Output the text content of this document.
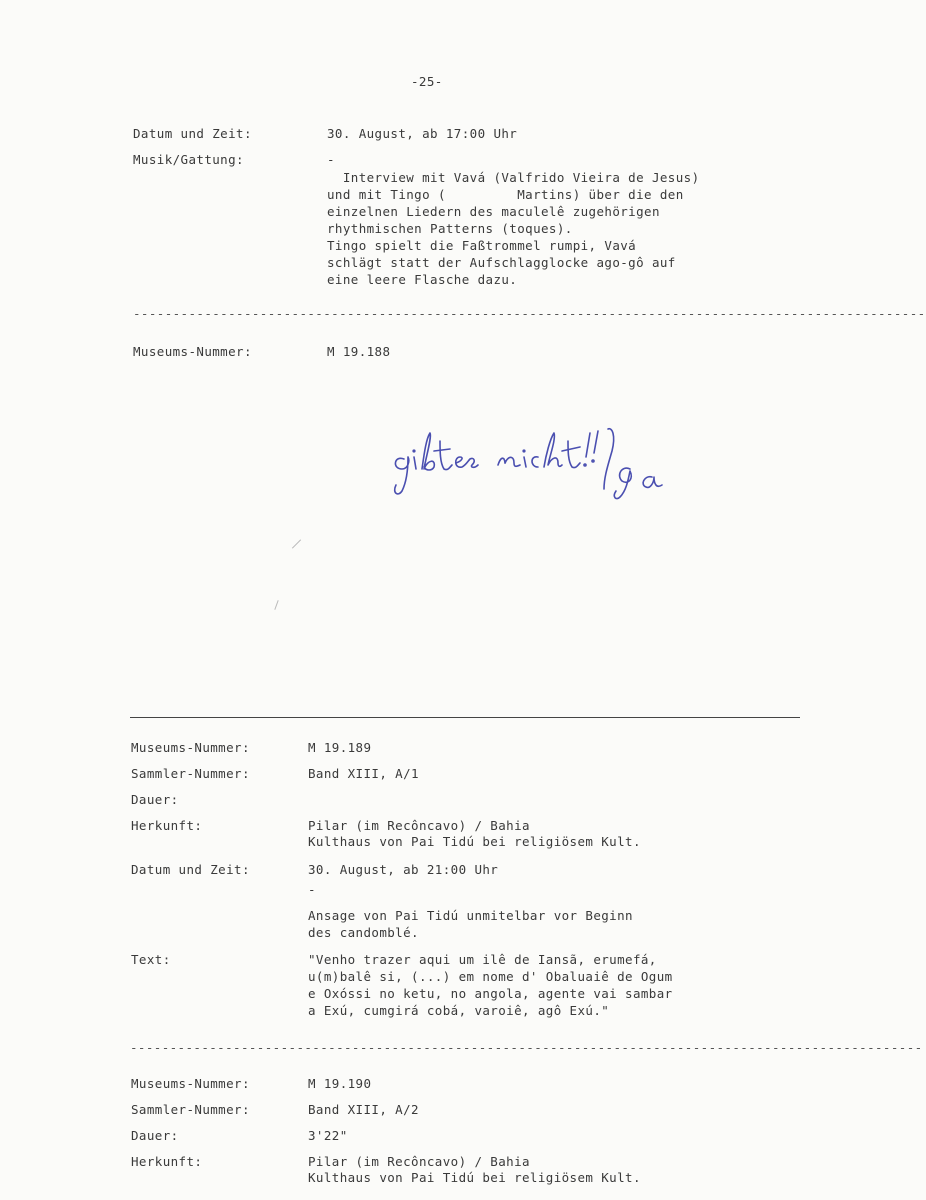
-25-
Datum und Zeit:	30. August, ab 17:00 Uhr
Musik/Gattung:	-
Interview mit Vavá (Valfrido Vieira de Jesus)
und mit Tingo (         Martins) über die den
einzelnen Liedern des maculelê zugehörigen
rhythmischen Patterns (toques).
Tingo spielt die Faßtrommel rumpi, Vavá
schlägt statt der Aufschlagglocke ago-gô auf
eine leere Flasche dazu.
----------------------------------------------------------------------------------------------------
Museums-Nummer:	M 19.188
Museums-Nummer:	M 19.189
Sammler-Nummer:	Band XIII, A/1
Dauer:
Herkunft:	Pilar (im Recôncavo) / Bahia
Kulthaus von Pai Tidú bei religiösem Kult.
Datum und Zeit:	30. August, ab 21:00 Uhr
-
Ansage von Pai Tidú unmitelbar vor Beginn
des candomblé.
Text:	"Venho trazer aqui um ilê de Iansã, erumefá,
u(m)balê si, (...) em nome d' Obaluaiê de Ogum
e Oxóssi no ketu, no angola, agente vai sambar
a Exú, cumgirá cobá, varoiê, agô Exú."
----------------------------------------------------------------------------------------------------
Museums-Nummer:	M 19.190
Sammler-Nummer:	Band XIII, A/2
Dauer:	3'22"
Herkunft:	Pilar (im Recôncavo) / Bahia
Kulthaus von Pai Tidú bei religiösem Kult.
